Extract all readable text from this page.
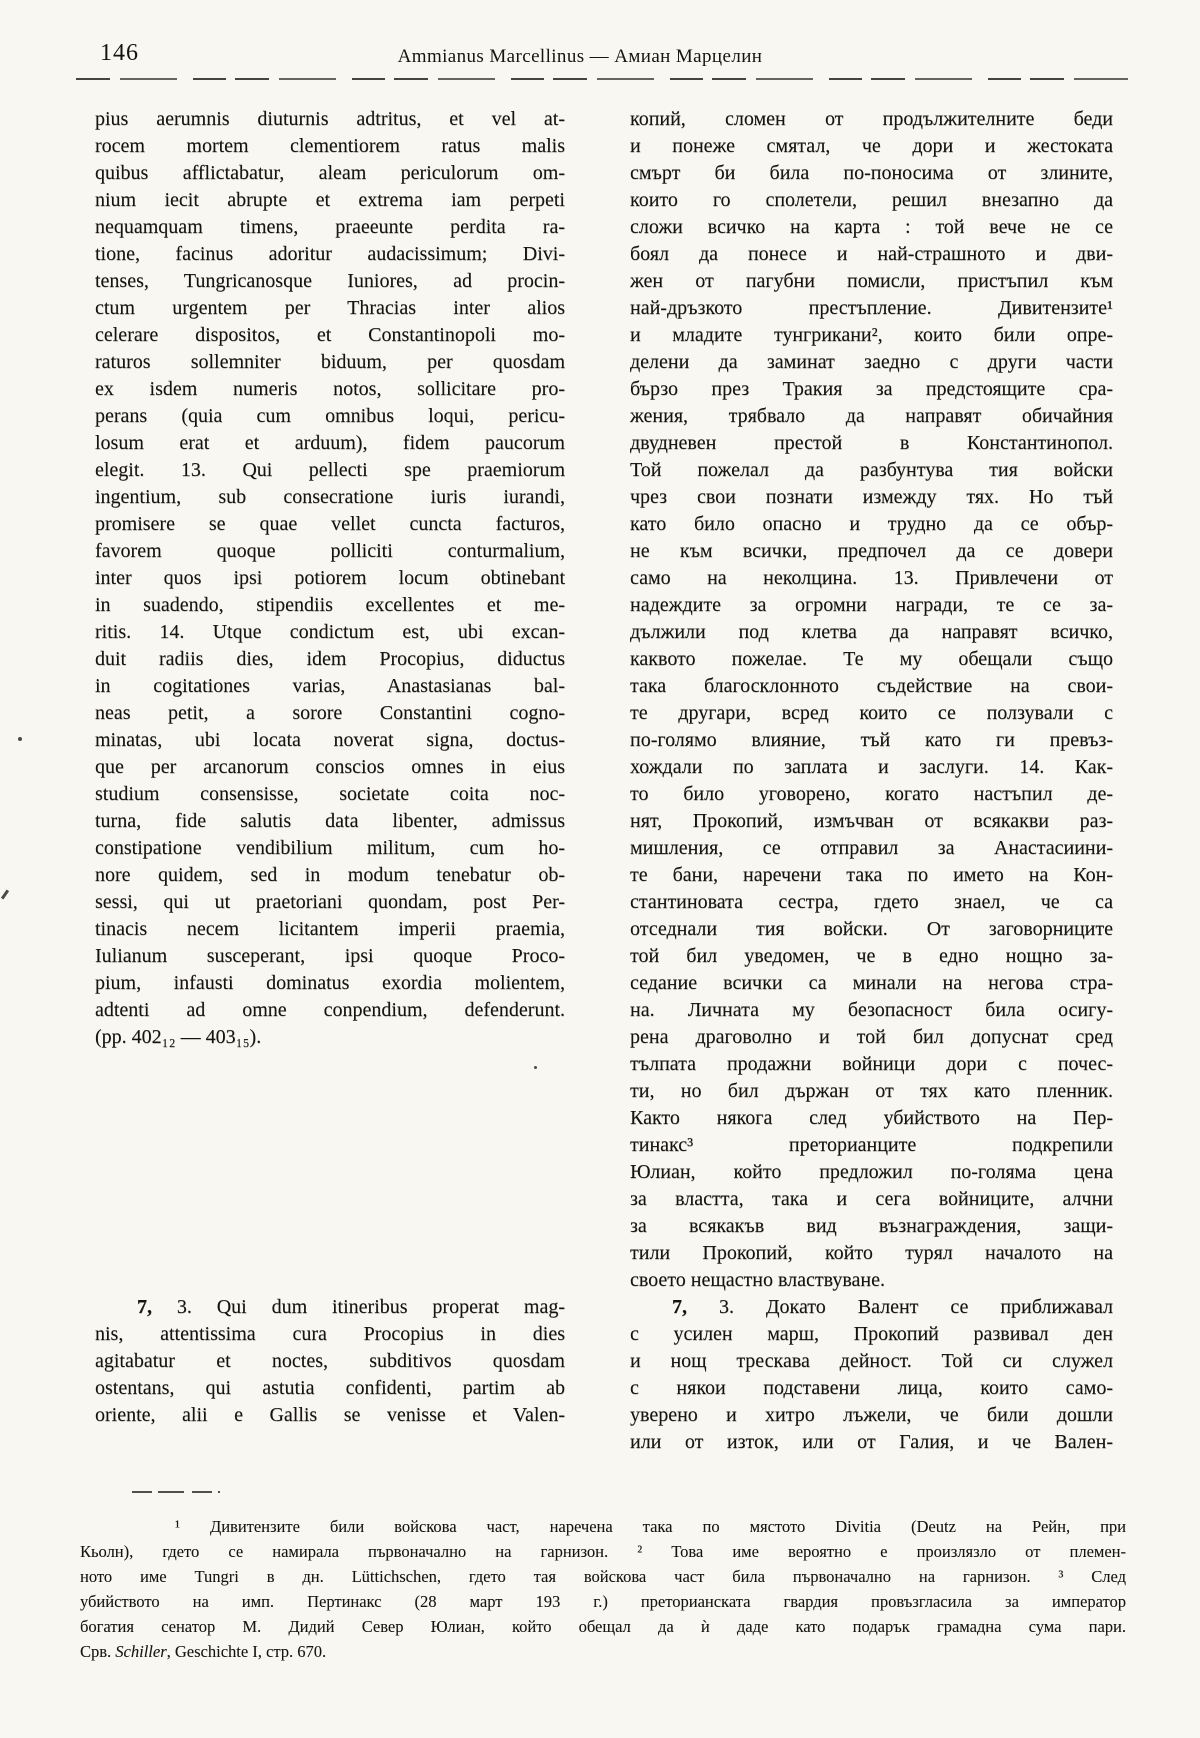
146	Ammianus Marcellinus — Амиан Марцелин
pius aerumnis diuturnis adtritus, et vel at-
rocem mortem clementiorem ratus malis
quibus afflictabatur, aleam periculorum om-
nium iecit abrupte et extrema iam perpeti
nequamquam timens, praeeunte perdita ra-
tione, facinus adoritur audacissimum; Divi-
tenses, Tungricanosque Iuniores, ad procin-
ctum urgentem per Thracias inter alios
celerare dispositos, et Constantinopoli mo-
raturos sollemniter biduum, per quosdam
ex isdem numeris notos, sollicitare pro-
perans (quia cum omnibus loqui, pericu-
losum erat et arduum), fidem paucorum
elegit. 13. Qui pellecti spe praemiorum
ingentium, sub consecratione iuris iurandi,
promisere se quae vellet cuncta facturos,
favorem quoque polliciti conturmalium,
inter quos ipsi potiorem locum obtinebant
in suadendo, stipendiis excellentes et me-
ritis. 14. Utque condictum est, ubi excan-
duit radiis dies, idem Procopius, diductus
in cogitationes varias, Anastasianas bal-
neas petit, a sorore Constantini cogno-
minatas, ubi locata noverat signa, doctus-
que per arcanorum conscios omnes in eius
studium consensisse, societate coita noc-
turna, fide salutis data libenter, admissus
constipatione vendibilium militum, cum ho-
nore quidem, sed in modum tenebatur ob-
sessi, qui ut praetoriani quondam, post Per-
tinacis necem licitantem imperii praemia,
Iulianum susceperant, ipsi quoque Proco-
pium, infausti dominatus exordia molientem,
adtenti ad omne conpendium, defenderunt.
(pp. 402₁₂ — 403₁₅).
7, 3. Qui dum itineribus properat mag-
nis, attentissima cura Procopius in dies
agitabatur et noctes, subditivos quosdam
ostentans, qui astutia confidenti, partim ab
oriente, alii e Gallis se venisse et Valen-
копий, сломен от продължителните беди
и понеже смятал, че дори и жестоката
смърт би била по-поносима от злините,
които го сполетели, решил внезапно да
сложи всичко на карта : той вече не се
боял да понесе и най-страшното и дви-
жен от пагубни помисли, пристъпил към
най-дръзкото престъпление. Дивитензите¹
и младите тунгрикани², които били опре-
делени да заминат заедно с други части
бързо през Тракия за предстоящите сра-
жения, трябвало да направят обичайния
двудневен престой в Константинопол.
Той пожелал да разбунтува тия войски
чрез свои познати измежду тях. Но тъй
като било опасно и трудно да се обър-
не към всички, предпочел да се довери
само на неколцина. 13. Привлечени от
надеждите за огромни награди, те се за-
дължили под клетва да направят всичко,
каквото пожелае. Те му обещали също
така благосклонното съдействие на свои-
те другари, всред които се ползували с
по-голямо влияние, тъй като ги превъз-
хождали по заплата и заслуги. 14. Как-
то било уговорено, когато настъпил де-
нят, Прокопий, измъчван от всякакви раз-
мишления, се отправил за Анастасиини-
те бани, наречени така по името на Кон-
стантиновата сестра, гдето знаел, че са
отседнали тия войски. От заговорниците
той бил уведомен, че в едно нощно за-
седание всички са минали на негова стра-
на. Личната му безопасност била осигу-
рена драговолно и той бил допуснат сред
тълпата продажни войници дори с почес-
ти, но бил държан от тях като пленник.
Както някога след убийството на Пер-
тинакс³ преторианците подкрепили
Юлиан, който предложил по-голяма цена
за властта, така и сега войниците, алчни
за всякакъв вид възнаграждения, защи-
тили Прокопий, който турял началото на
своето нещастно властвуване.
7, 3. Докато Валент се приближавал
с усилен марш, Прокопий развивал ден
и нощ трескава дейност. Той си служел
с някои подставени лица, които само-
уверено и хитро лъжели, че били дошли
или от изток, или от Галия, и че Вален-
¹ Дивитензите били войскова част, наречена така по мястото Divitia (Deutz на Рейн, при
Кьолн), гдето се намирала първоначално на гарнизон. ² Това име вероятно е произлязло от племен-
ното име Tungri в дн. Lüttichschen, гдето тая войскова част била първоначално на гарнизон. ³ След
убийството на имп. Пертинакс (28 март 193 г.) преторианската гвардия провъзгласила за император
богатия сенатор М. Дидий Север Юлиан, който обещал да ѝ даде като подарък грамадна сума пари.
Срв. Schiller, Geschichte I, стр. 670.
